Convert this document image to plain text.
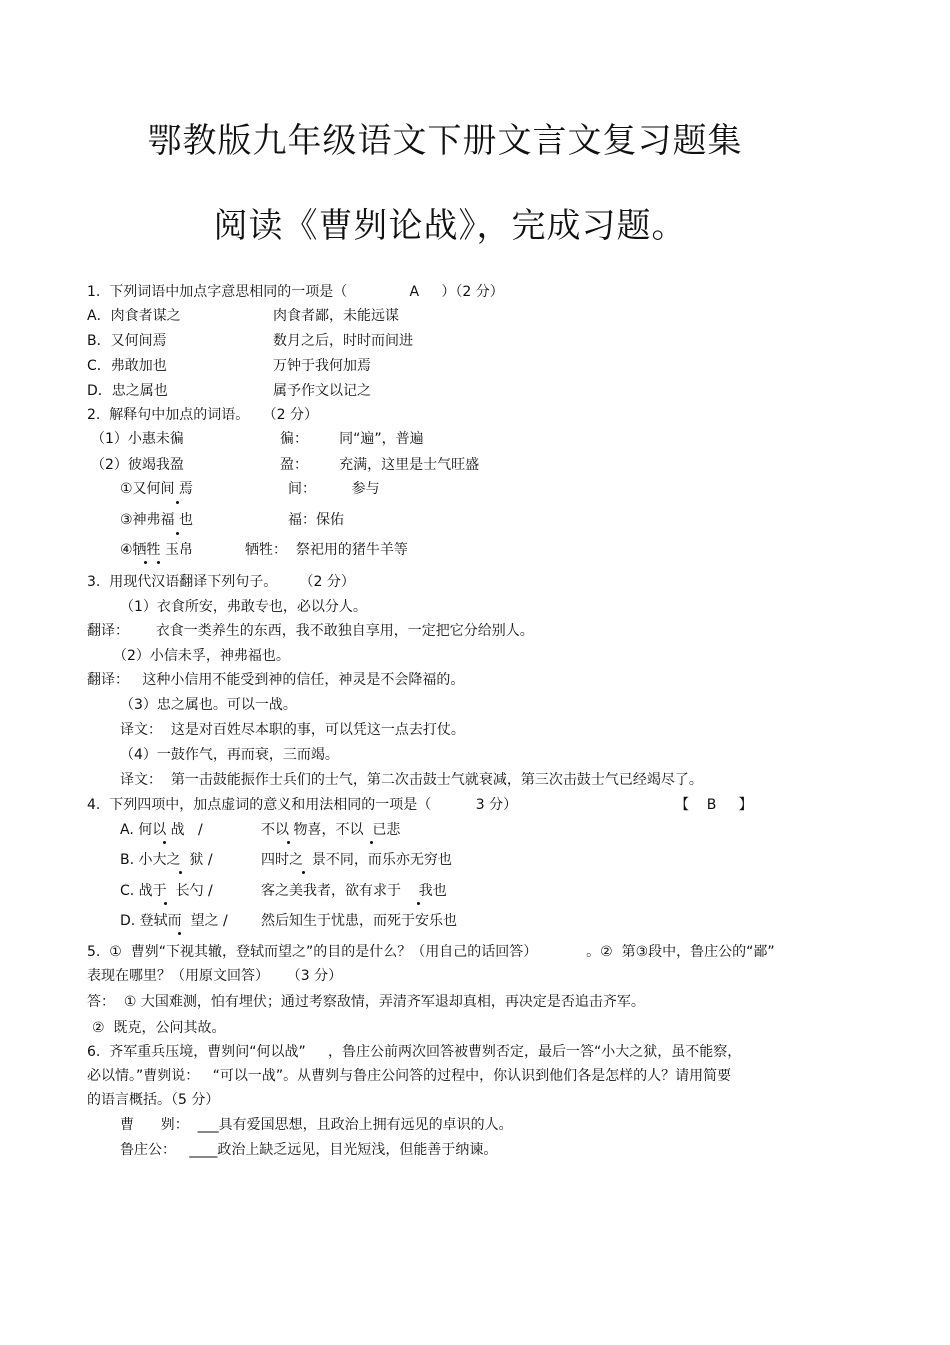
鄂教版九年级语文下册文言文复习题集
阅读《曹刿论战》，完成习题。
1.  下列词语中加点字意思相同的一项是（              A     ）（2 分）
A．肉食者谋之	肉食者鄙，未能远谋
B．又何间焉	数月之后，时时而间进
C．弗敢加也	万钟于我何加焉
D．忠之属也	属予作文以记之
2.  解释句中加点的词语。   （2 分）
（1）小惠未徧	徧：       同“遍”，普遍
（2）彼竭我盈	盈：       充满，这里是士气旺盛
①又何间 焉	间：        参与
③神弗福 也	福：保佑
④牺牲 玉帛	牺牲：  祭祀用的猪牛羊等
3.  用现代汉语翻译下列句子。     （2 分）
（1）衣食所安，弗敢专也，必以分人。
翻译：      衣食一类养生的东西，我不敢独自享用，一定把它分给别人。
（2）小信未孚，神弗福也。
翻译：   这种小信用不能受到神的信任，神灵是不会降福的。
（3）忠之属也。可以一战。
译文：  这是对百姓尽本职的事，可以凭这一点去打仗。
（4）一鼓作气，再而衰，三而竭。
译文：  第一击鼓能振作士兵们的士气，第二次击鼓士气就衰减，第三次击鼓士气已经竭尽了。
4.  下列四项中，加点虚词的意义和用法相同的一项是（          3 分）	【    B     】
A. 何以 战   /	不以 物喜，不以  已悲
B. 小大之  狱 /	四时之  景不同，而乐亦无穷也
C. 战于  长勺 /	客之美我者，欲有求于    我也
D. 登轼而  望之 / 然后知生于忧患，而死于安乐也
5.  ①  曹刿“下视其辙，登轼而望之”的目的是什么？（用自己的话回答）           。②  第③段中，鲁庄公的“鄙”
表现在哪里？（用原文回答）    （3 分）
答：  ① 大国难测，怕有埋伏；通过考察敌情，弄清齐军退却真相，再决定是否追击齐军。
②  既克，公问其故。
6.  齐军重兵压境，曹刿问“何以战”     ，鲁庄公前两次回答被曹刿否定，最后一答“小大之狱，虽不能察，
必以情。”曹刿说：   “可以一战”。从曹刿与鲁庄公问答的过程中，你认识到他们各是怎样的人？请用简要
的语言概括。（5 分）
曹      刿：  ___具有爱国思想，且政治上拥有远见的卓识的人。
鲁庄公：   ____政治上缺乏远见，目光短浅，但能善于纳谏。
